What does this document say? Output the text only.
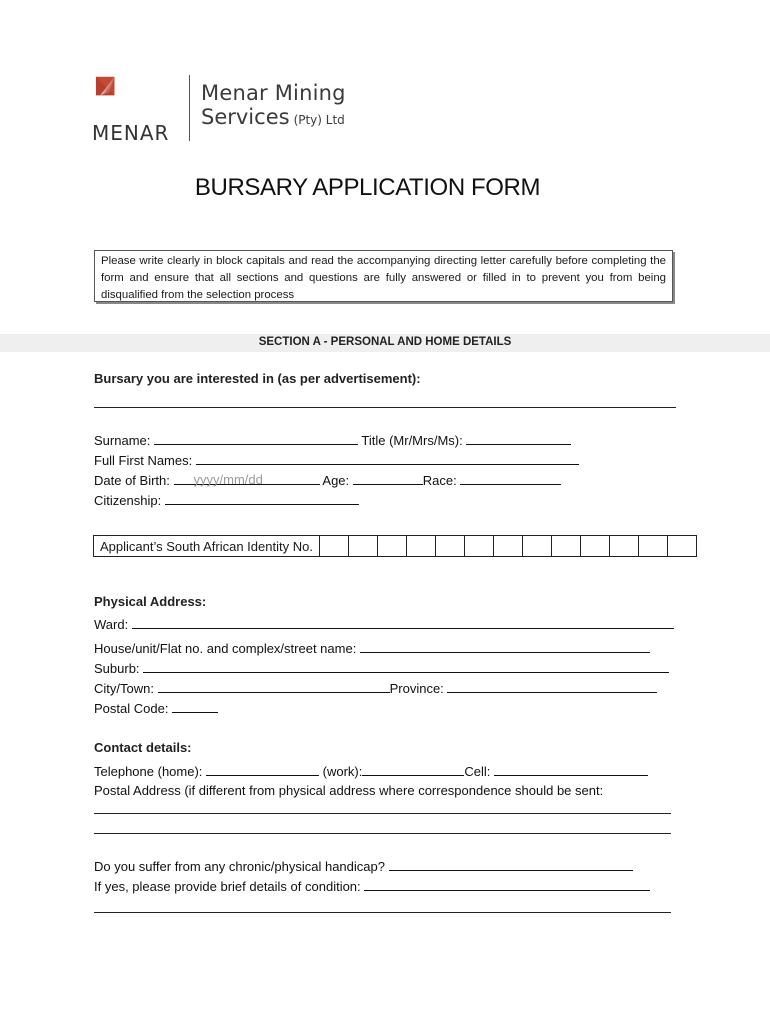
MENAR
Menar Mining
Services (Pty) Ltd
BURSARY APPLICATION FORM
Please write clearly in block capitals and read the accompanying directing letter carefully before completing the form and ensure that all sections and questions are fully answered or filled in to prevent you from being disqualified from the selection process
SECTION A - PERSONAL AND HOME DETAILS
Bursary you are interested in (as per advertisement):
Surname:	Title (Mr/Mrs/Ms):
Full First Names:
Date of Birth: yyyy/mm/dd	Age:	Race:
Citizenship:
Applicant’s South African Identity No.													
Physical Address:
Ward:
House/unit/Flat no. and complex/street name:
Suburb:
City/Town:	Province:
Postal Code:
Contact details:
Telephone (home):	(work):	Cell:
Postal Address (if different from physical address where correspondence should be sent:
Do you suffer from any chronic/physical handicap?
If yes, please provide brief details of condition:
